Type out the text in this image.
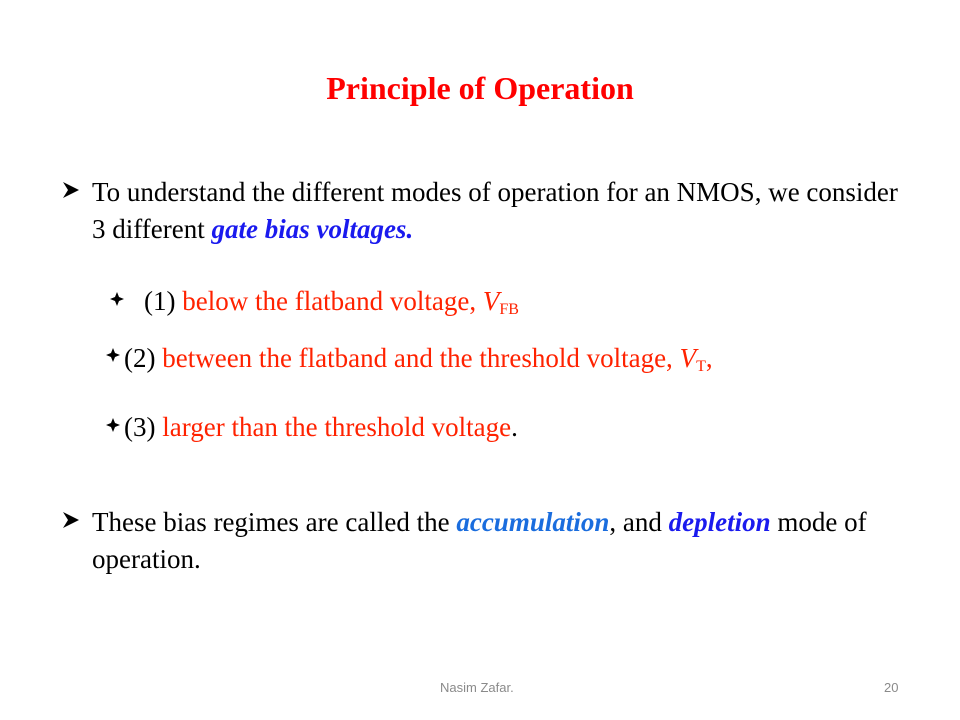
Principle of Operation
To understand the different modes of operation for an NMOS, we consider 3 different gate bias voltages.
(1) below the flatband voltage, $V_{FB}$
(2) between the flatband and the threshold voltage, $V_T$,
(3) larger than the threshold voltage.
These bias regimes are called the accumulation, and depletion mode of operation.
Nasim Zafar.	20
